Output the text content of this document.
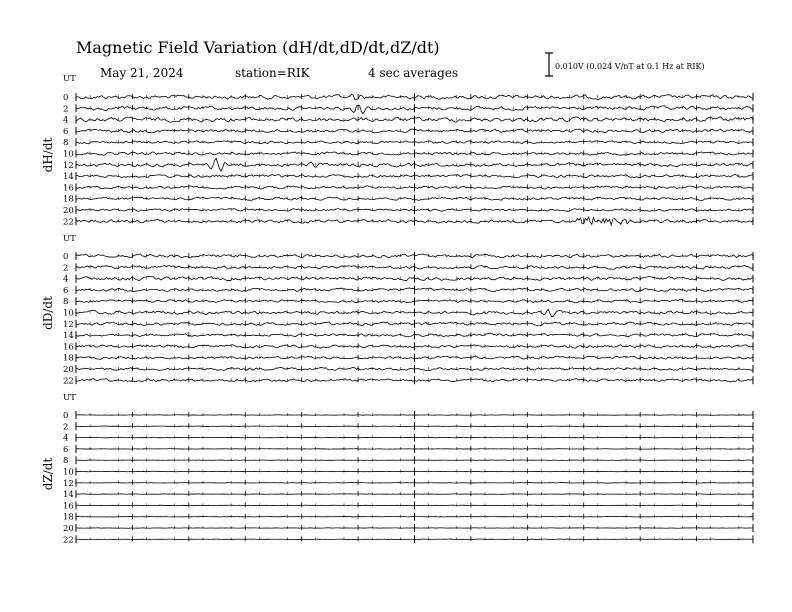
Magnetic Field Variation (dH/dt,dD/dt,dZ/dt)
May 21, 2024	station=RIK	4 sec averages	0.010V (0.024 V/nT at 0.1 Hz at RIK)
UT
dH/dt
0
2
4
6
8
10
12
14
16
18
20
22
UT
dD/dt
0
2
4
6
8
10
12
14
16
18
20
22
UT
dZ/dt
0
2
4
6
8
10
12
14
16
18
20
22
